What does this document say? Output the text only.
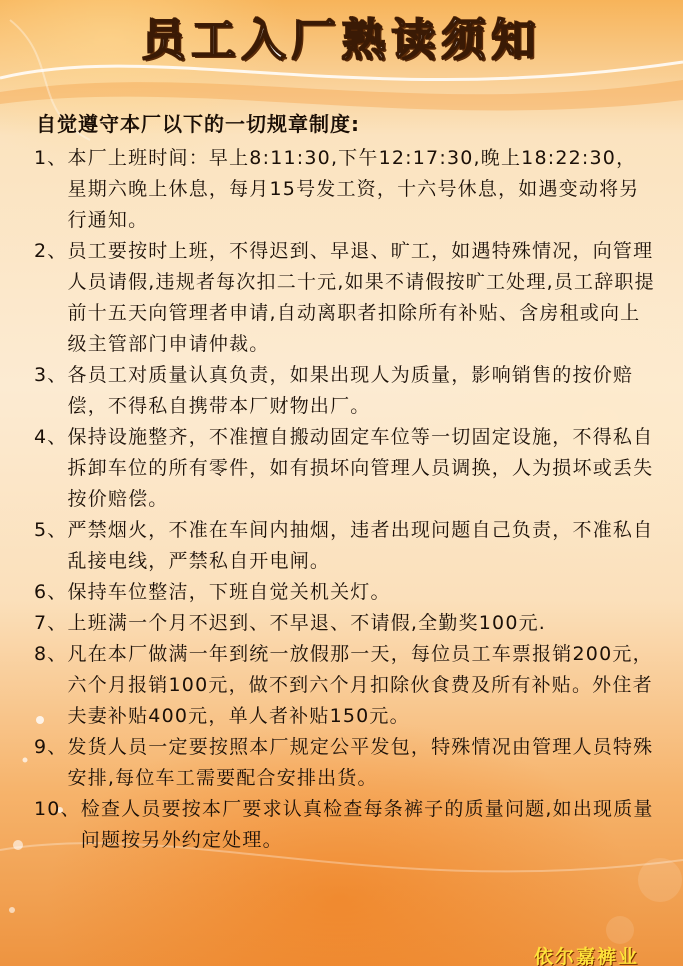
员工入厂熟读须知
自觉遵守本厂以下的一切规章制度:
1、 本厂上班时间：早上8:11:30,下午12:17:30,晚上18:22:30，星期六晚上休息，每月15号发工资，十六号休息，如遇变动将另行通知。
2、 员工要按时上班，不得迟到、早退、旷工，如遇特殊情况，向管理人员请假,违规者每次扣二十元,如果不请假按旷工处理,员工辞职提前十五天向管理者申请,自动离职者扣除所有补贴、含房租或向上级主管部门申请仲裁。
3、 各员工对质量认真负责，如果出现人为质量，影响销售的按价赔偿，不得私自携带本厂财物出厂。
4、 保持设施整齐，不准擅自搬动固定车位等一切固定设施，不得私自拆卸车位的所有零件，如有损坏向管理人员调换，人为损坏或丢失按价赔偿。
5、 严禁烟火，不准在车间内抽烟，违者出现问题自己负责，不准私自乱接电线，严禁私自开电闸。
6、 保持车位整洁，下班自觉关机关灯。
7、 上班满一个月不迟到、不早退、不请假,全勤奖100元.
8、 凡在本厂做满一年到统一放假那一天，每位员工车票报销200元，六个月报销100元，做不到六个月扣除伙食费及所有补贴。外住者夫妻补贴400元，单人者补贴150元。
9、 发货人员一定要按照本厂规定公平发包，特殊情况由管理人员特殊安排,每位车工需要配合安排出货。
10、 检查人员要按本厂要求认真检查每条裤子的质量问题,如出现质量问题按另外约定处理。
依尔嘉裤业
